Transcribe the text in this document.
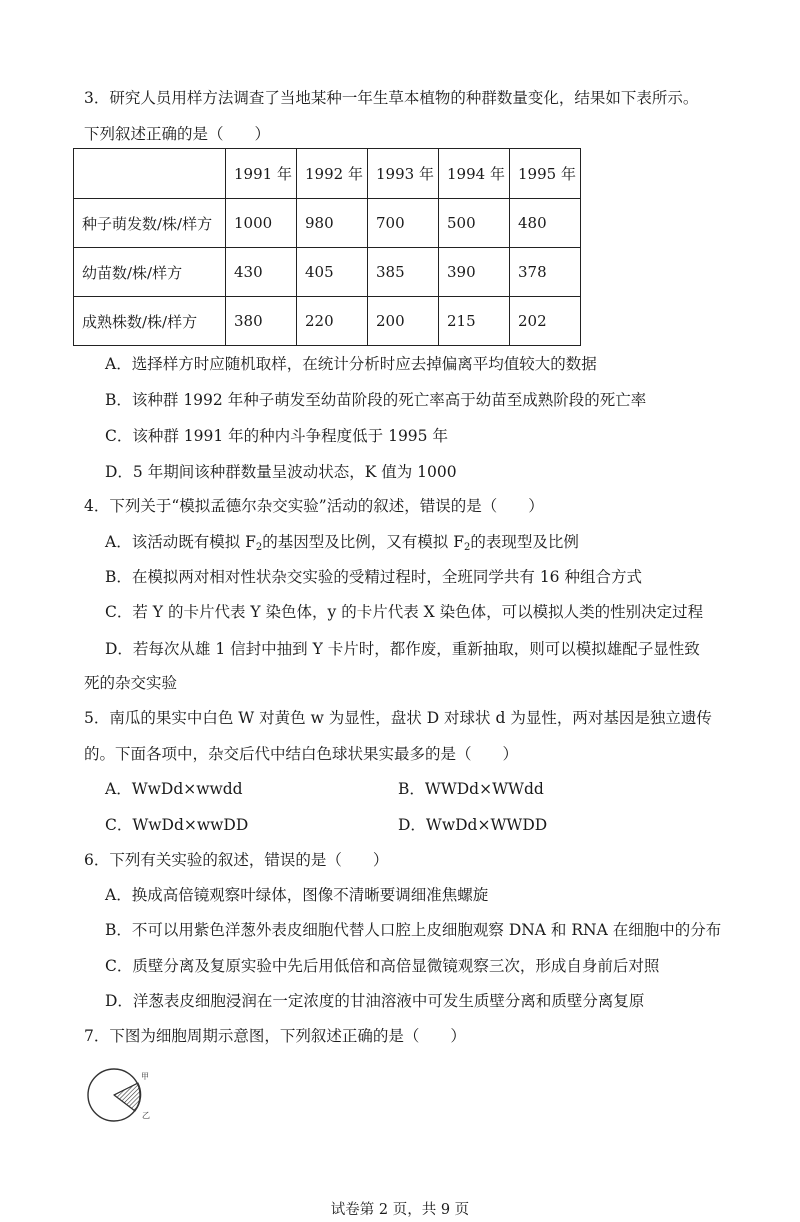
3．研究人员用样方法调查了当地某种一年生草本植物的种群数量变化，结果如下表所示。
下列叙述正确的是（　　）
	1991 年	1992 年	1993 年	1994 年	1995 年
种子萌发数/株/样方	1000	980	700	500	480
幼苗数/株/样方	430	405	385	390	378
成熟株数/株/样方	380	220	200	215	202
A．选择样方时应随机取样，在统计分析时应去掉偏离平均值较大的数据
B．该种群 1992 年种子萌发至幼苗阶段的死亡率高于幼苗至成熟阶段的死亡率
C．该种群 1991 年的种内斗争程度低于 1995 年
D．5 年期间该种群数量呈波动状态，K 值为 1000
4．下列关于“模拟孟德尔杂交实验”活动的叙述，错误的是（　　）
A．该活动既有模拟 $F_2$的基因型及比例，又有模拟 $F_2$的表现型及比例
B．在模拟两对相对性状杂交实验的受精过程时，全班同学共有 16 种组合方式
C．若 Y 的卡片代表 Y 染色体，y 的卡片代表 X 染色体，可以模拟人类的性别决定过程
D．若每次从雄 1 信封中抽到 Y 卡片时，都作废，重新抽取，则可以模拟雄配子显性致
死的杂交实验
5．南瓜的果实中白色 W 对黄色 w 为显性，盘状 D 对球状 d 为显性，两对基因是独立遗传
的。下面各项中，杂交后代中结白色球状果实最多的是（　　）
A．WwDd×wwdd	B．WWDd×WWdd
C．WwDd×wwDD	D．WwDd×WWDD
6．下列有关实验的叙述，错误的是（　　）
A．换成高倍镜观察叶绿体，图像不清晰要调细准焦螺旋
B．不可以用紫色洋葱外表皮细胞代替人口腔上皮细胞观察 DNA 和 RNA 在细胞中的分布
C．质壁分离及复原实验中先后用低倍和高倍显微镜观察三次，形成自身前后对照
D．洋葱表皮细胞浸润在一定浓度的甘油溶液中可发生质壁分离和质壁分离复原
7．下图为细胞周期示意图，下列叙述正确的是（　　）
甲
乙
试卷第 2 页，共 9 页
